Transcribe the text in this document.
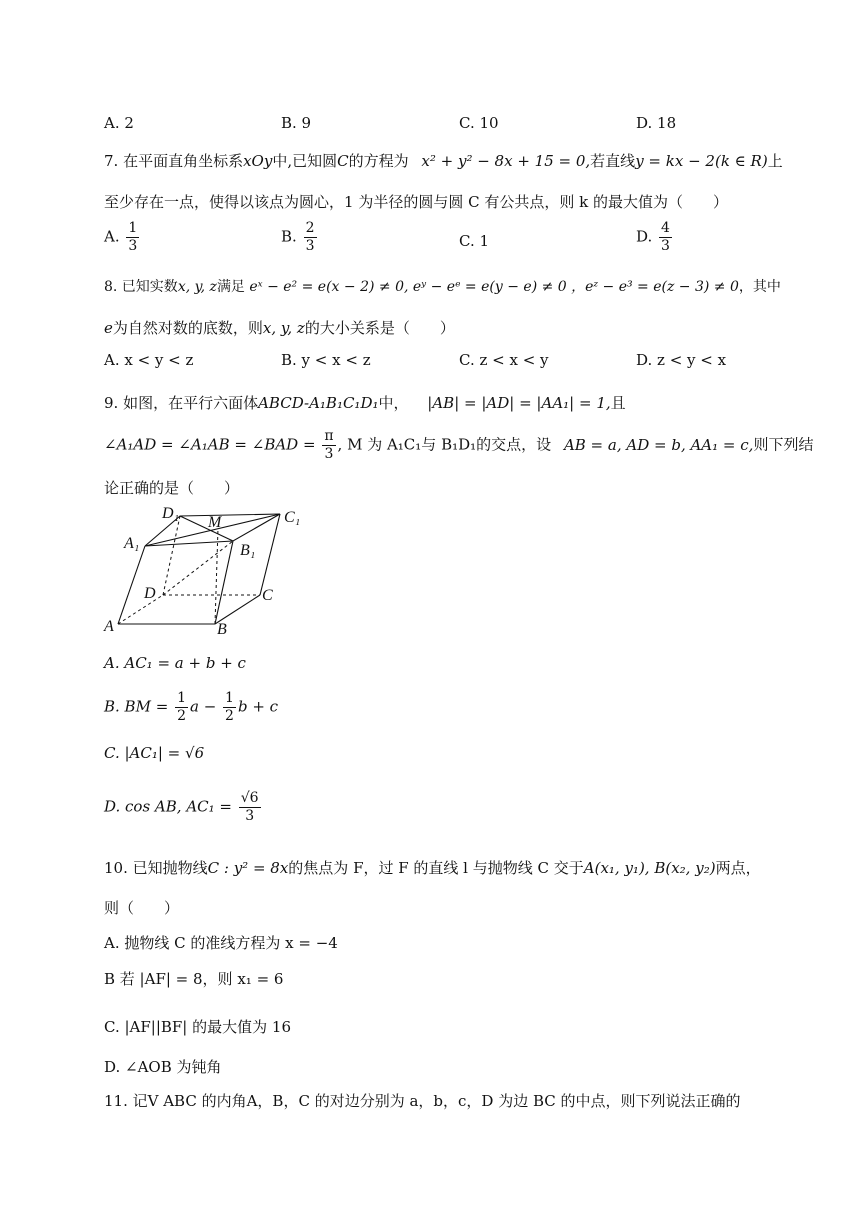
A. 2	B. 9	C. 10	D. 18
7. 在平面直角坐标系xOy中,已知圆C的方程为 x² + y² − 8x + 15 = 0,若直线y = kx − 2(k ∈ R)上
至少存在一点，使得以该点为圆心，1 为半径的圆与圆 C 有公共点，则 k 的最大值为（　　）
A. $\frac{1}{3}$	B. $\frac{2}{3}$	C. 1	D. $\frac{4}{3}$
8. 已知实数x, y, z满足 eˣ − e² = e(x − 2) ≠ 0, eʸ − eᵉ = e(y − e) ≠ 0 ，eᶻ − e³ = e(z − 3) ≠ 0，其中
e为自然对数的底数，则x, y, z的大小关系是（　　）
A. x < y < z	B. y < x < z	C. z < x < y	D. z < y < x
9. 如图，在平行六面体ABCD-A₁B₁C₁D₁中， |AB| = |AD| = |AA₁| = 1,且
∠A₁AD = ∠A₁AB = ∠BAD = $\frac{\pi}{3}$ , M 为 A₁C₁与 B₁D₁的交点，设 AB = a, AD = b, AA₁ = c,则下列结
论正确的是（　　）
D₁
M	C₁
A₁	B₁
D	C
A	B
A. AC₁ = a + b + c
B. BM = $\frac{1}{2}$ $a - \frac{1}{2}$ b + c
C. |AC₁| = √6
D. cos AB, $AC_1 = \frac{√6}{3}$
10. 已知抛物线C : y² = 8x的焦点为 F，过 F 的直线 l 与抛物线 C 交于A(x₁, y₁), B(x₂, y₂)两点，
则（　　）
A. 抛物线 C 的准线方程为 x = −4
B 若 |AF| = 8，则 x₁ = 6
C. |AF||BF| 的最大值为 16
D. ∠AOB 为钝角
11. 记V ABC 的内角A，B，C 的对边分别为 a，b，c，D 为边 BC 的中点，则下列说法正确的
